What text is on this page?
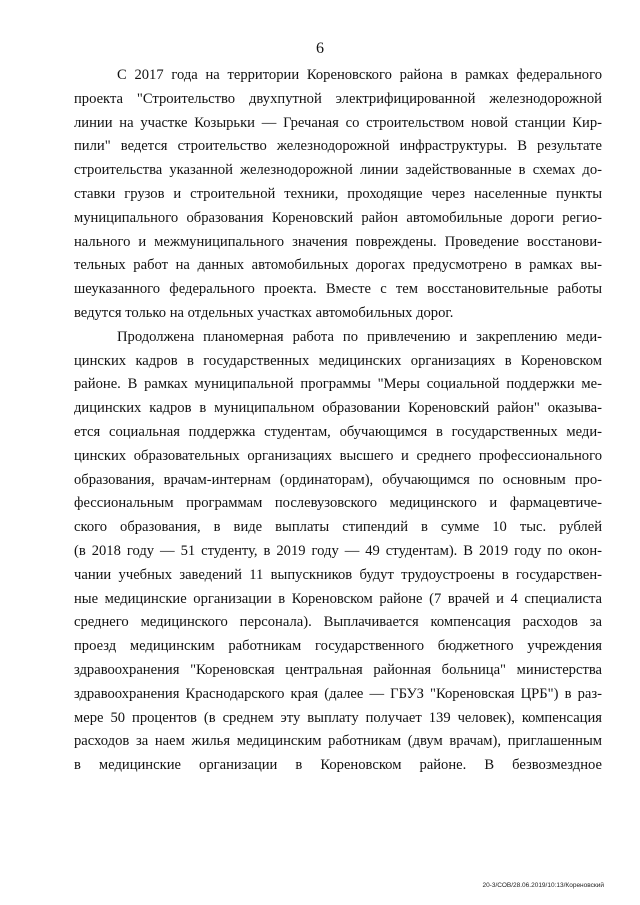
6
С 2017 года на территории Кореновского района в рамках федерального
проекта "Строительство двухпутной электрифицированной железнодорожной
линии на участке Козырьки — Гречаная со строительством новой станции Кир-
пили" ведется строительство железнодорожной инфраструктуры. В результате
строительства указанной железнодорожной линии задействованные в схемах до-
ставки грузов и строительной техники, проходящие через населенные пункты
муниципального образования Кореновский район автомобильные дороги регио-
нального и межмуниципального значения повреждены. Проведение восстанови-
тельных работ на данных автомобильных дорогах предусмотрено в рамках вы-
шеуказанного федерального проекта. Вместе с тем восстановительные работы
ведутся только на отдельных участках автомобильных дорог.
Продолжена планомерная работа по привлечению и закреплению меди-
цинских кадров в государственных медицинских организациях в Кореновском
районе. В рамках муниципальной программы "Меры социальной поддержки ме-
дицинских кадров в муниципальном образовании Кореновский район" оказыва-
ется социальная поддержка студентам, обучающимся в государственных меди-
цинских образовательных организациях высшего и среднего профессионального
образования, врачам-интернам (ординаторам), обучающимся по основным про-
фессиональным программам послевузовского медицинского и фармацевтиче-
ского образования, в виде выплаты стипендий в сумме 10 тыс. рублей
(в 2018 году — 51 студенту, в 2019 году — 49 студентам). В 2019 году по окон-
чании учебных заведений 11 выпускников будут трудоустроены в государствен-
ные медицинские организации в Кореновском районе (7 врачей и 4 специалиста
среднего медицинского персонала). Выплачивается компенсация расходов за
проезд медицинским работникам государственного бюджетного учреждения
здравоохранения "Кореновская центральная районная больница" министерства
здравоохранения Краснодарского края (далее — ГБУЗ "Кореновская ЦРБ") в раз-
мере 50 процентов (в среднем эту выплату получает 139 человек), компенсация
расходов за наем жилья медицинским работникам (двум врачам), приглашенным
в медицинские организации в Кореновском районе. В безвозмездное
20-3/СОВ/28.06.2019/10:13/Кореновский
